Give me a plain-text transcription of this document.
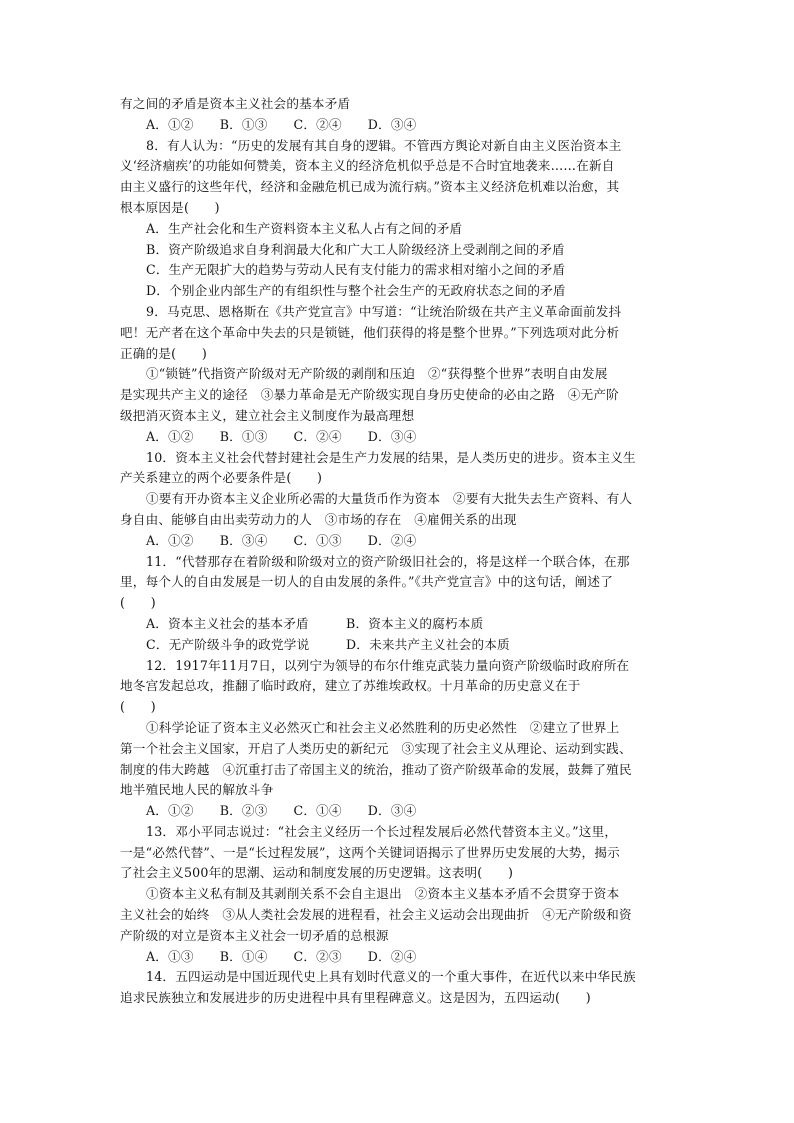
有之间的矛盾是资本主义社会的基本矛盾
A．①② B．①③ C．②④ D．③④
8．有人认为：“历史的发展有其自身的逻辑。不管西方舆论对新自由主义医治资本主
义‘经济痼疾’的功能如何赞美，资本主义的经济危机似乎总是不合时宜地袭来……在新自
由主义盛行的这些年代，经济和金融危机已成为流行病。”资本主义经济危机难以治愈，其
根本原因是(　　)
A．生产社会化和生产资料资本主义私人占有之间的矛盾
B．资产阶级追求自身利润最大化和广大工人阶级经济上受剥削之间的矛盾
C．生产无限扩大的趋势与劳动人民有支付能力的需求相对缩小之间的矛盾
D．个别企业内部生产的有组织性与整个社会生产的无政府状态之间的矛盾
9．马克思、恩格斯在《共产党宣言》中写道：“让统治阶级在共产主义革命面前发抖
吧！无产者在这个革命中失去的只是锁链，他们获得的将是整个世界。”下列选项对此分析
正确的是(　　)
①“锁链”代指资产阶级对无产阶级的剥削和压迫　②“获得整个世界”表明自由发展
是实现共产主义的途径　③暴力革命是无产阶级实现自身历史使命的必由之路　④无产阶
级把消灭资本主义，建立社会主义制度作为最高理想
A．①② B．①③ C．②④ D．③④
10．资本主义社会代替封建社会是生产力发展的结果，是人类历史的进步。资本主义生
产关系建立的两个必要条件是(　　)
①要有开办资本主义企业所必需的大量货币作为资本　②要有大批失去生产资料、有人
身自由、能够自由出卖劳动力的人　③市场的存在　④雇佣关系的出现
A．①② B．③④ C．①③ D．②④
11．“代替那存在着阶级和阶级对立的资产阶级旧社会的，将是这样一个联合体，在那
里，每个人的自由发展是一切人的自由发展的条件。”《共产党宣言》中的这句话，阐述了
(　　)
A．资本主义社会的基本矛盾	B．资本主义的腐朽本质
C．无产阶级斗争的政党学说	D．未来共产主义社会的本质
12．1917年11月7日，以列宁为领导的布尔什维克武装力量向资产阶级临时政府所在
地冬宫发起总攻，推翻了临时政府，建立了苏维埃政权。十月革命的历史意义在于
(　　)
①科学论证了资本主义必然灭亡和社会主义必然胜利的历史必然性　②建立了世界上
第一个社会主义国家，开启了人类历史的新纪元　③实现了社会主义从理论、运动到实践、
制度的伟大跨越　④沉重打击了帝国主义的统治，推动了资产阶级革命的发展，鼓舞了殖民
地半殖民地人民的解放斗争
A．①② B．②③ C．①④ D．③④
13．邓小平同志说过：“社会主义经历一个长过程发展后必然代替资本主义。”这里，
一是“必然代替”、一是“长过程发展”，这两个关键词语揭示了世界历史发展的大势，揭示
了社会主义500年的思潮、运动和制度发展的历史逻辑。这表明(　　)
①资本主义私有制及其剥削关系不会自主退出　②资本主义基本矛盾不会贯穿于资本
主义社会的始终　③从人类社会发展的进程看，社会主义运动会出现曲折　④无产阶级和资
产阶级的对立是资本主义社会一切矛盾的总根源
A．①③ B．①④ C．②③ D．②④
14．五四运动是中国近现代史上具有划时代意义的一个重大事件，在近代以来中华民族
追求民族独立和发展进步的历史进程中具有里程碑意义。这是因为，五四运动(　　)
